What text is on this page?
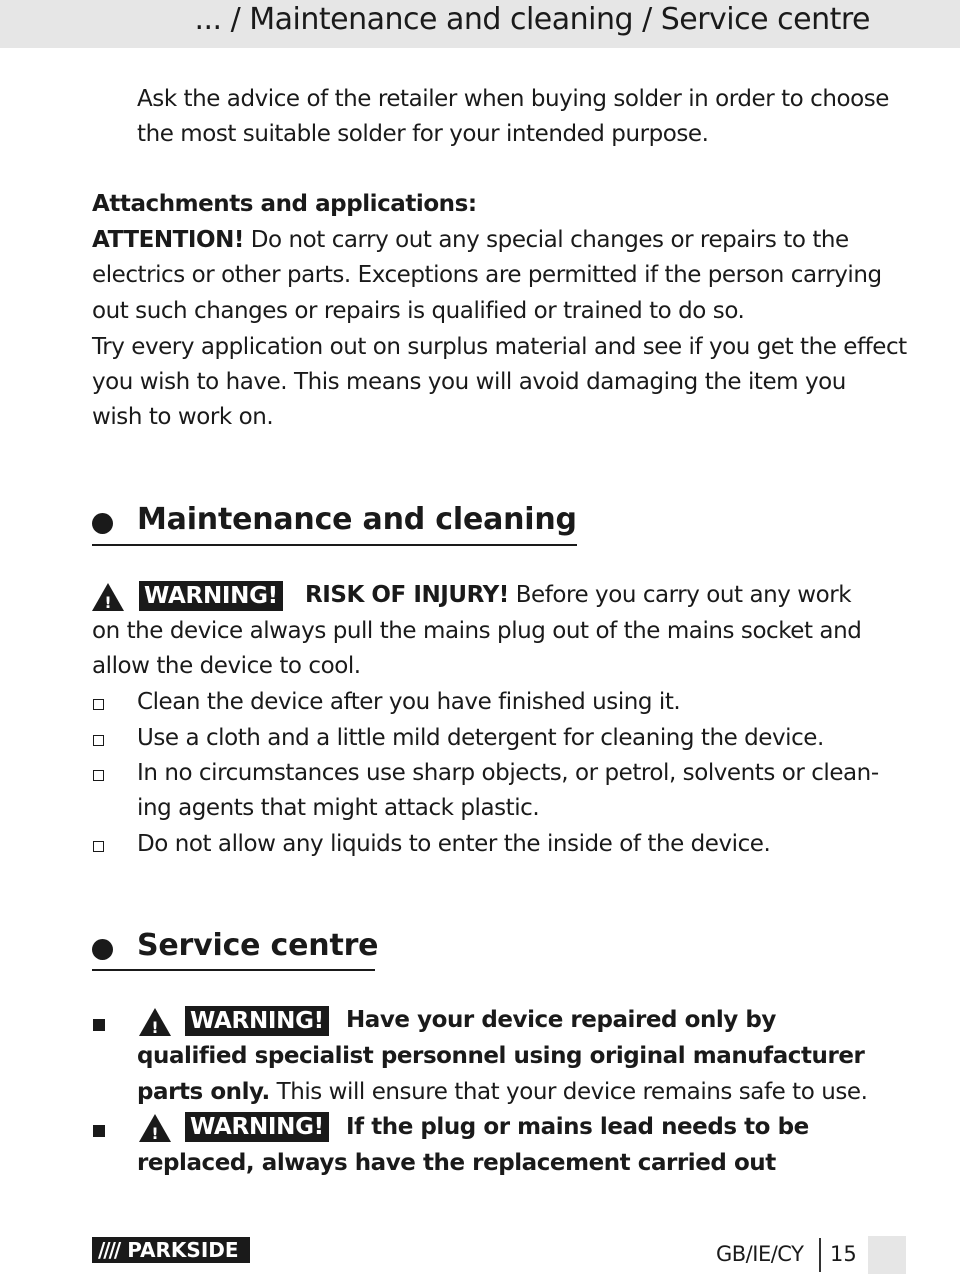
... / Maintenance and cleaning / Service centre
Ask the advice of the retailer when buying solder in order to choose
the most suitable solder for your intended purpose.
Attachments and applications:
ATTENTION! Do not carry out any special changes or repairs to the
electrics or other parts. Exceptions are permitted if the person carrying
out such changes or repairs is qualified or trained to do so.
Try every application out on surplus material and see if you get the effect
you wish to have. This means you will avoid damaging the item you
wish to work on.
Maintenance and cleaning
!	WARNING! RISK OF INJURY! Before you carry out any work
on the device always pull the mains plug out of the mains socket and
allow the device to cool.
Clean the device after you have finished using it.
Use a cloth and a little mild detergent for cleaning the device.
In no circumstances use sharp objects, or petrol, solvents or clean-
ing agents that might attack plastic.
Do not allow any liquids to enter the inside of the device.
Service centre
!	WARNING! Have your device repaired only by
qualified specialist personnel using original manufacturer
parts only. This will ensure that your device remains safe to use.
!	WARNING! If the plug or mains lead needs to be
replaced, always have the replacement carried out
//// PARKSIDE	GB/IE/CY 15
